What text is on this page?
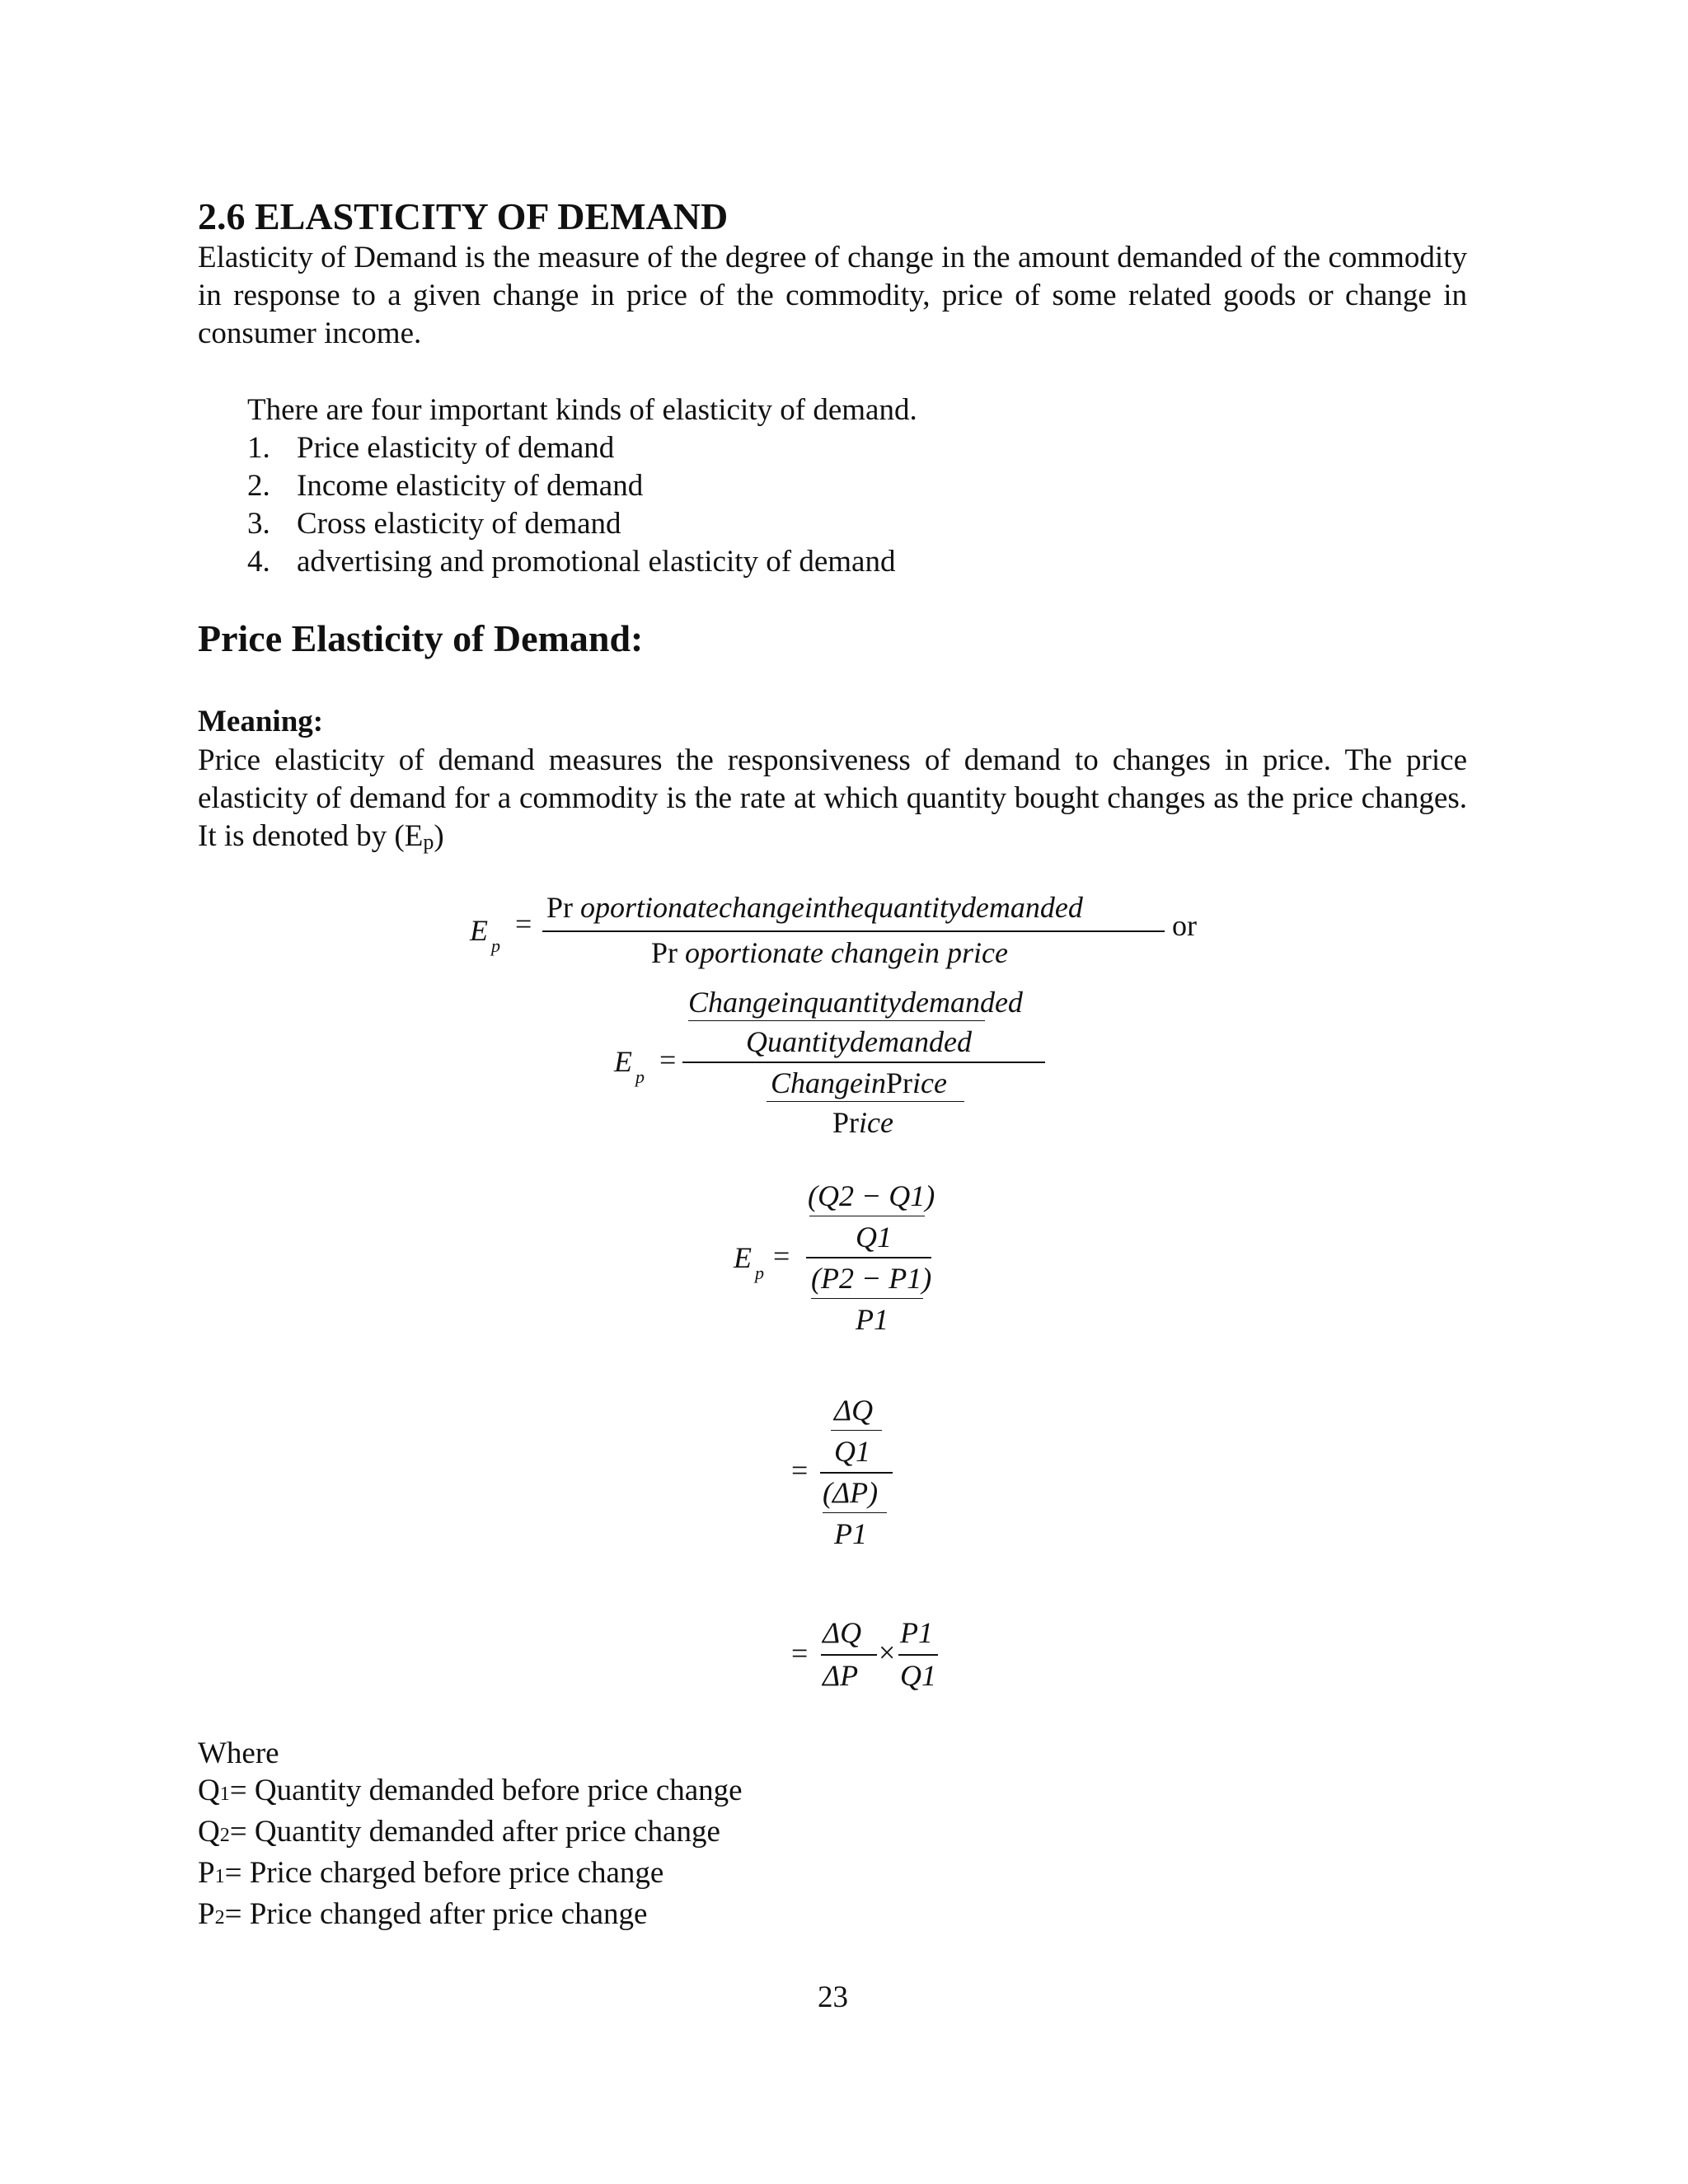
2.6 ELASTICITY OF DEMAND
Elasticity of Demand is the measure of the degree of change in the amount demanded of the commodity in response to a given change in price of the commodity, price of some related goods or change in consumer income.
There are four important kinds of elasticity of demand.
1. Price elasticity of demand
2. Income elasticity of demand
3. Cross elasticity of demand
4. advertising and promotional elasticity of demand
Price Elasticity of Demand:
Meaning:
Price elasticity of demand measures the responsiveness of demand to changes in price. The price elasticity of demand for a commodity is the rate at which quantity bought changes as the price changes. It is denoted by (Ep)
E $_p$
= Pr oportionatechangeinthequantitydemanded
Pr oportionate changein price
or
Changeinquantitydemanded
Quantitydemanded
E $_p$
=
ChangeinPrice
Price
(Q2 − Q1)
Q1
E $_p$
=
(P2 − P1)
P1
ΔQ
Q1
=
(ΔP)
P1
=
ΔQ
ΔP
×
P1
Q1
Where
Q1= Quantity demanded before price change
Q2= Quantity demanded after price change
P1= Price charged before price change
P2= Price changed after price change
23
